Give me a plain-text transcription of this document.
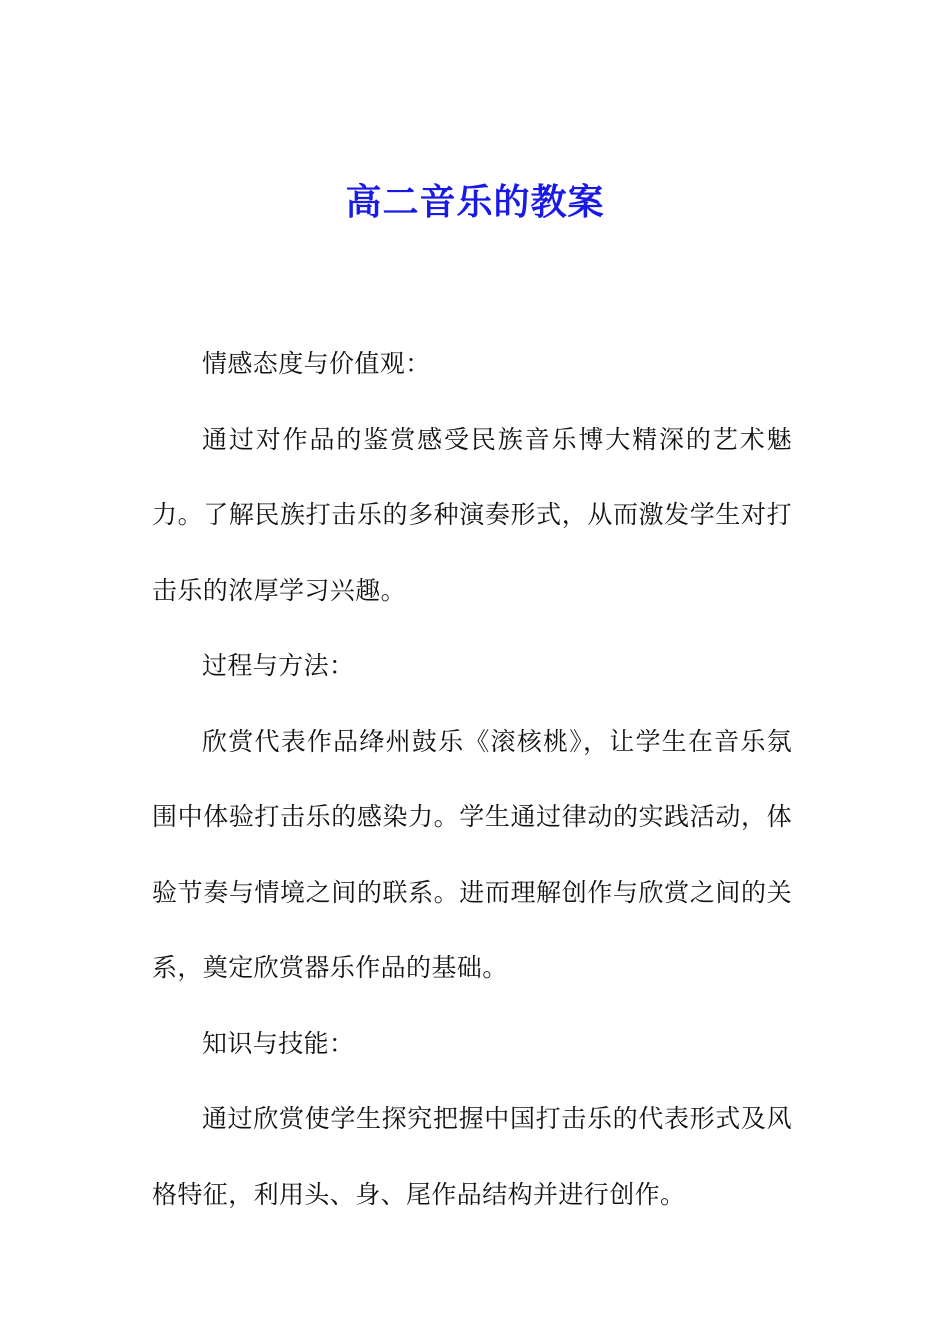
高二音乐的教案

情感态度与价值观：

通过对作品的鉴赏感受民族音乐博大精深的艺术魅力。了解民族打击乐的多种演奏形式，从而激发学生对打击乐的浓厚学习兴趣。

过程与方法：

欣赏代表作品绛州鼓乐《滚核桃》，让学生在音乐氛围中体验打击乐的感染力。学生通过律动的实践活动，体验节奏与情境之间的联系。进而理解创作与欣赏之间的关系，奠定欣赏器乐作品的基础。

知识与技能：

通过欣赏使学生探究把握中国打击乐的代表形式及风格特征，利用头、身、尾作品结构并进行创作。
